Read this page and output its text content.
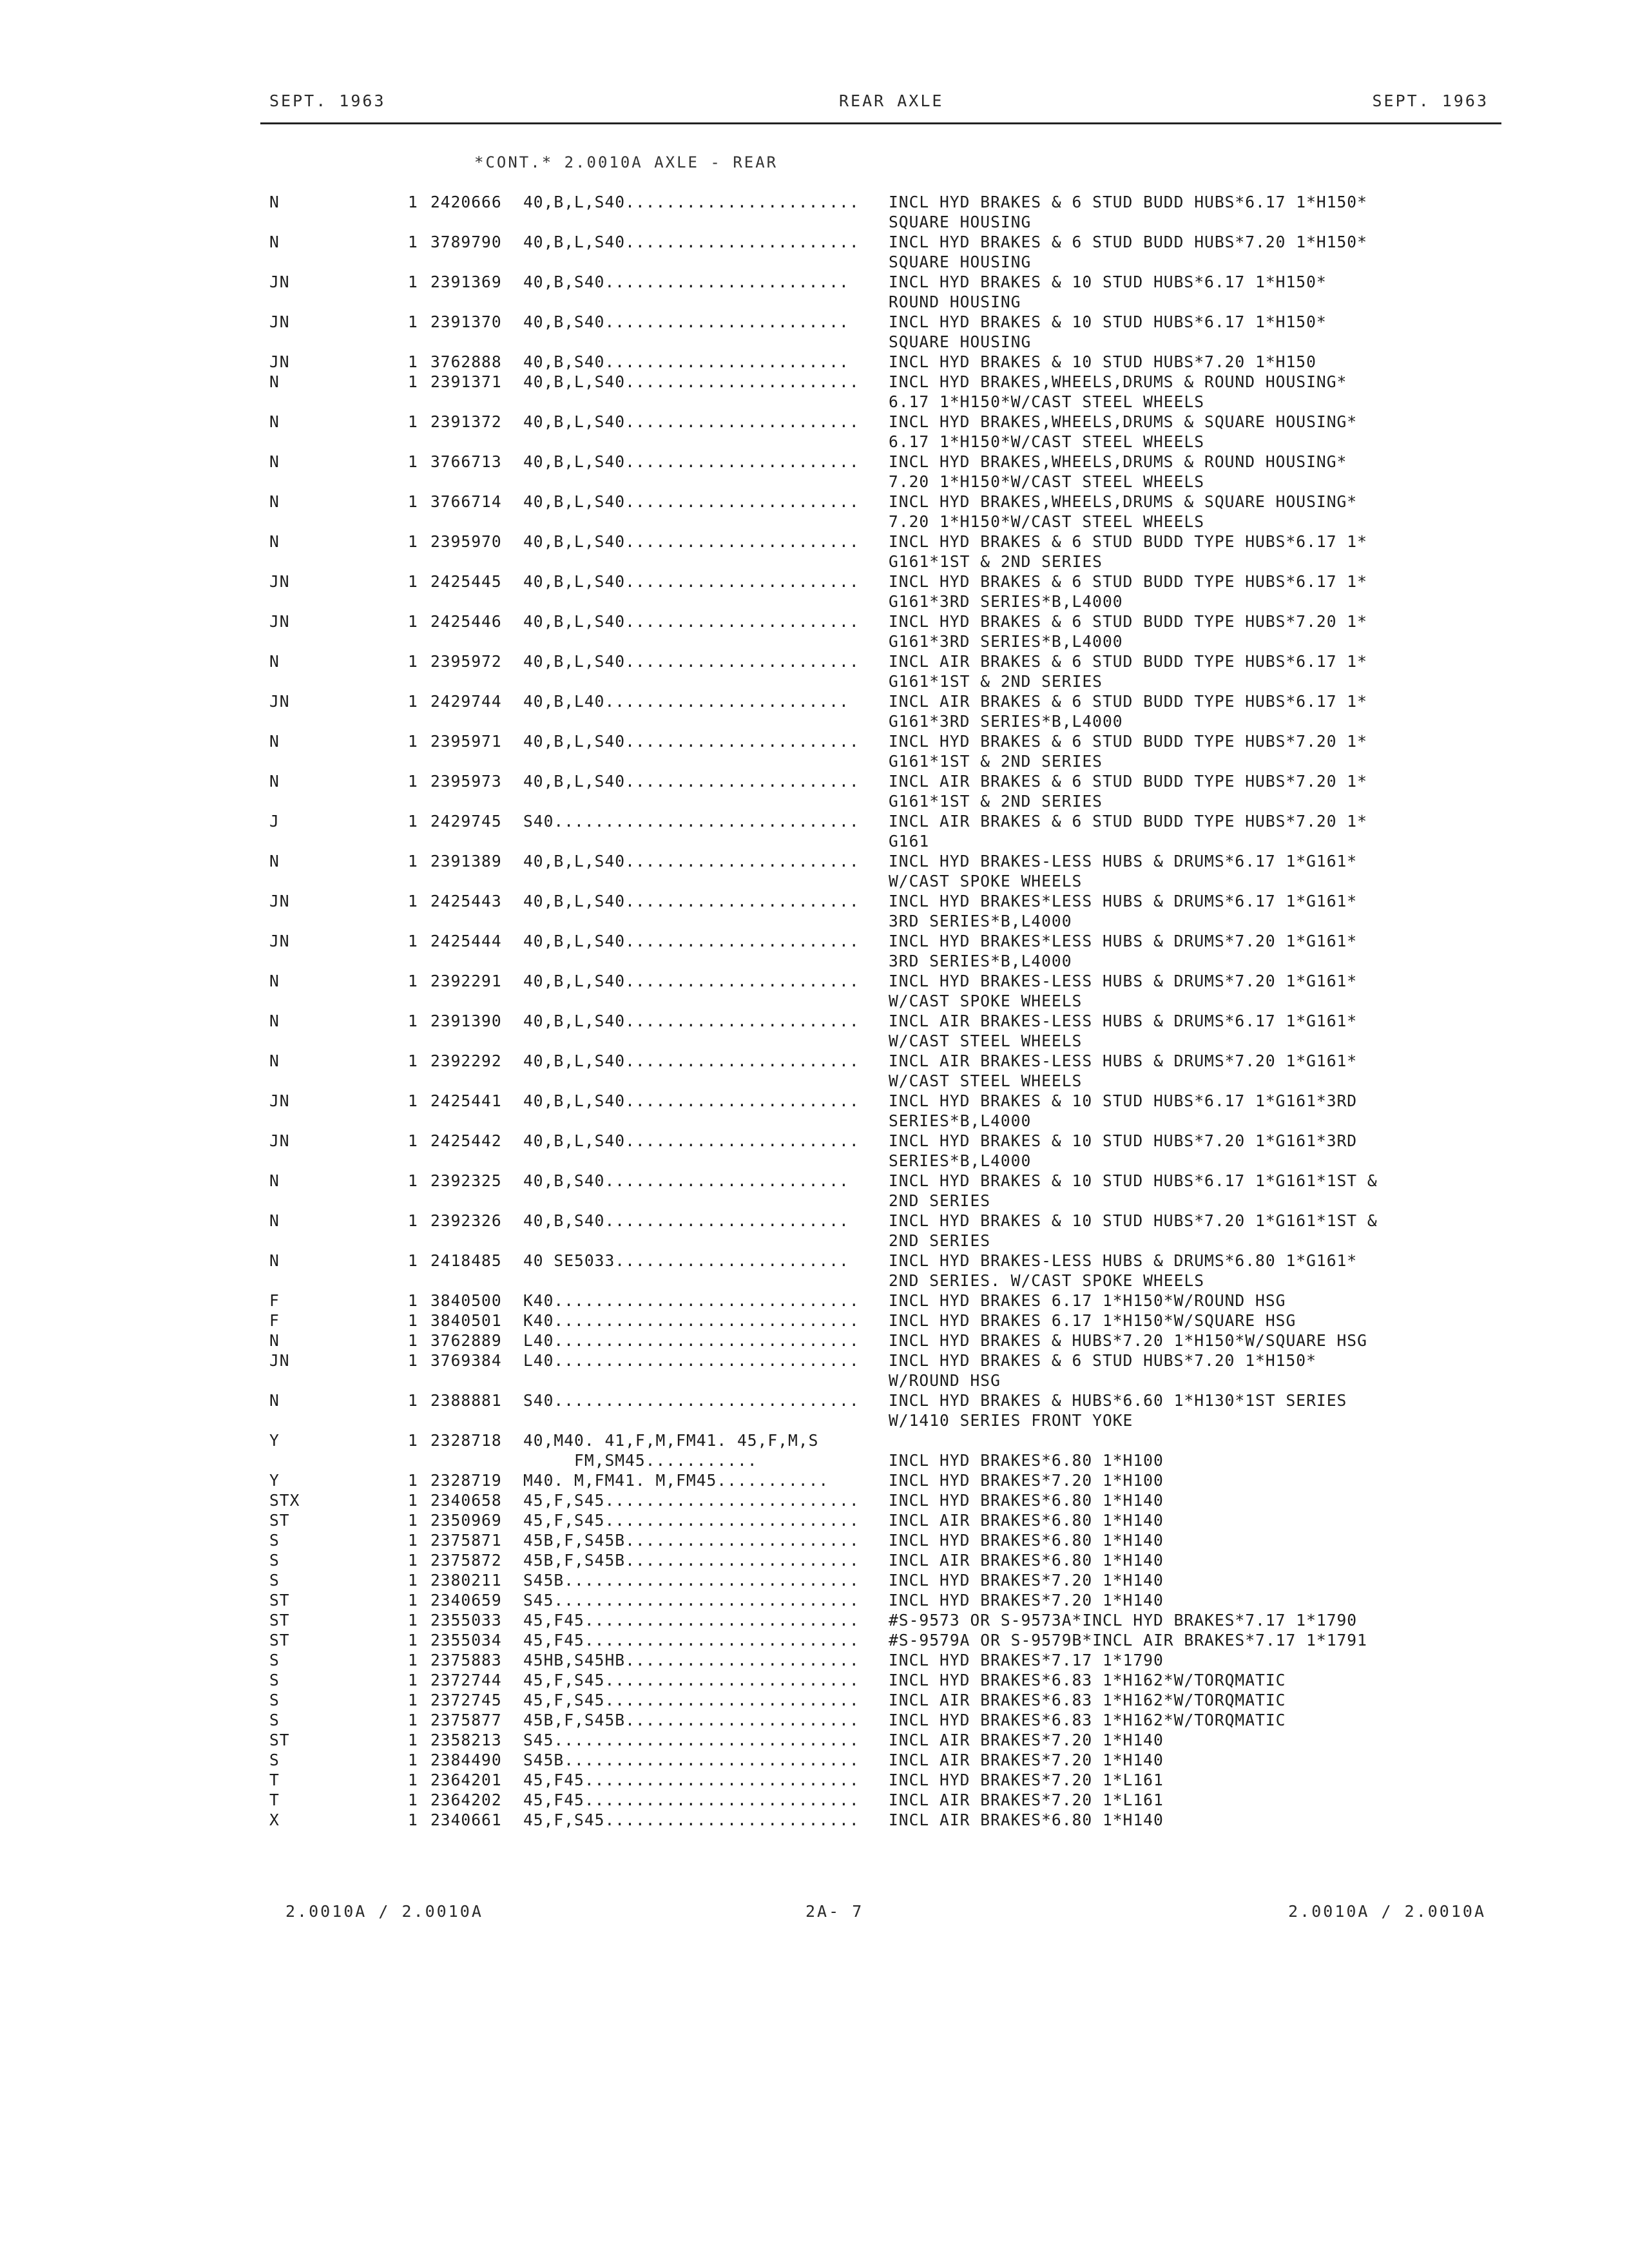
SEPT. 1963	REAR AXLE	SEPT. 1963
*CONT.* 2.0010A AXLE - REAR
N	1 2420666 40,B,L,S40....................... INCL HYD BRAKES & 6 STUD BUDD HUBS*6.17 1*H150*
SQUARE HOUSING
N	1 3789790 40,B,L,S40....................... INCL HYD BRAKES & 6 STUD BUDD HUBS*7.20 1*H150*
SQUARE HOUSING
JN	1 2391369 40,B,S40........................ INCL HYD BRAKES & 10 STUD HUBS*6.17 1*H150*
ROUND HOUSING
JN	1 2391370 40,B,S40........................ INCL HYD BRAKES & 10 STUD HUBS*6.17 1*H150*
SQUARE HOUSING
JN	1 3762888 40,B,S40........................ INCL HYD BRAKES & 10 STUD HUBS*7.20 1*H150
N	1 2391371 40,B,L,S40....................... INCL HYD BRAKES,WHEELS,DRUMS & ROUND HOUSING*
6.17 1*H150*W/CAST STEEL WHEELS
N	1 2391372 40,B,L,S40....................... INCL HYD BRAKES,WHEELS,DRUMS & SQUARE HOUSING*
6.17 1*H150*W/CAST STEEL WHEELS
N	1 3766713 40,B,L,S40....................... INCL HYD BRAKES,WHEELS,DRUMS & ROUND HOUSING*
7.20 1*H150*W/CAST STEEL WHEELS
N	1 3766714 40,B,L,S40....................... INCL HYD BRAKES,WHEELS,DRUMS & SQUARE HOUSING*
7.20 1*H150*W/CAST STEEL WHEELS
N	1 2395970 40,B,L,S40....................... INCL HYD BRAKES & 6 STUD BUDD TYPE HUBS*6.17 1*
G161*1ST & 2ND SERIES
JN	1 2425445 40,B,L,S40....................... INCL HYD BRAKES & 6 STUD BUDD TYPE HUBS*6.17 1*
G161*3RD SERIES*B,L4000
JN	1 2425446 40,B,L,S40....................... INCL HYD BRAKES & 6 STUD BUDD TYPE HUBS*7.20 1*
G161*3RD SERIES*B,L4000
N	1 2395972 40,B,L,S40....................... INCL AIR BRAKES & 6 STUD BUDD TYPE HUBS*6.17 1*
G161*1ST & 2ND SERIES
JN	1 2429744 40,B,L40........................ INCL AIR BRAKES & 6 STUD BUDD TYPE HUBS*6.17 1*
G161*3RD SERIES*B,L4000
N	1 2395971 40,B,L,S40....................... INCL HYD BRAKES & 6 STUD BUDD TYPE HUBS*7.20 1*
G161*1ST & 2ND SERIES
N	1 2395973 40,B,L,S40....................... INCL AIR BRAKES & 6 STUD BUDD TYPE HUBS*7.20 1*
G161*1ST & 2ND SERIES
J	1 2429745 S40.............................. INCL AIR BRAKES & 6 STUD BUDD TYPE HUBS*7.20 1*
G161
N	1 2391389 40,B,L,S40....................... INCL HYD BRAKES-LESS HUBS & DRUMS*6.17 1*G161*
W/CAST SPOKE WHEELS
JN	1 2425443 40,B,L,S40....................... INCL HYD BRAKES*LESS HUBS & DRUMS*6.17 1*G161*
3RD SERIES*B,L4000
JN	1 2425444 40,B,L,S40....................... INCL HYD BRAKES*LESS HUBS & DRUMS*7.20 1*G161*
3RD SERIES*B,L4000
N	1 2392291 40,B,L,S40....................... INCL HYD BRAKES-LESS HUBS & DRUMS*7.20 1*G161*
W/CAST SPOKE WHEELS
N	1 2391390 40,B,L,S40....................... INCL AIR BRAKES-LESS HUBS & DRUMS*6.17 1*G161*
W/CAST STEEL WHEELS
N	1 2392292 40,B,L,S40....................... INCL AIR BRAKES-LESS HUBS & DRUMS*7.20 1*G161*
W/CAST STEEL WHEELS
JN	1 2425441 40,B,L,S40....................... INCL HYD BRAKES & 10 STUD HUBS*6.17 1*G161*3RD
SERIES*B,L4000
JN	1 2425442 40,B,L,S40....................... INCL HYD BRAKES & 10 STUD HUBS*7.20 1*G161*3RD
SERIES*B,L4000
N	1 2392325 40,B,S40........................ INCL HYD BRAKES & 10 STUD HUBS*6.17 1*G161*1ST &
2ND SERIES
N	1 2392326 40,B,S40........................ INCL HYD BRAKES & 10 STUD HUBS*7.20 1*G161*1ST &
2ND SERIES
N	1 2418485 40 SE5033....................... INCL HYD BRAKES-LESS HUBS & DRUMS*6.80 1*G161*
2ND SERIES. W/CAST SPOKE WHEELS
F	1 3840500 K40.............................. INCL HYD BRAKES 6.17 1*H150*W/ROUND HSG
F	1 3840501 K40.............................. INCL HYD BRAKES 6.17 1*H150*W/SQUARE HSG
N	1 3762889 L40.............................. INCL HYD BRAKES & HUBS*7.20 1*H150*W/SQUARE HSG
JN	1 3769384 L40.............................. INCL HYD BRAKES & 6 STUD HUBS*7.20 1*H150*
W/ROUND HSG
N	1 2388881 S40.............................. INCL HYD BRAKES & HUBS*6.60 1*H130*1ST SERIES
W/1410 SERIES FRONT YOKE
Y	1 2328718 40,M40. 41,F,M,FM41. 45,F,M,S
FM,SM45...........	INCL HYD BRAKES*6.80 1*H100
Y	1 2328719 M40. M,FM41. M,FM45...........	INCL HYD BRAKES*7.20 1*H100
STX	1 2340658 45,F,S45......................... INCL HYD BRAKES*6.80 1*H140
ST	1 2350969 45,F,S45......................... INCL AIR BRAKES*6.80 1*H140
S	1 2375871 45B,F,S45B....................... INCL HYD BRAKES*6.80 1*H140
S	1 2375872 45B,F,S45B....................... INCL AIR BRAKES*6.80 1*H140
S	1 2380211 S45B............................. INCL HYD BRAKES*7.20 1*H140
ST	1 2340659 S45.............................. INCL HYD BRAKES*7.20 1*H140
ST	1 2355033 45,F45........................... #S-9573 OR S-9573A*INCL HYD BRAKES*7.17 1*1790
ST	1 2355034 45,F45........................... #S-9579A OR S-9579B*INCL AIR BRAKES*7.17 1*1791
S	1 2375883 45HB,S45HB....................... INCL HYD BRAKES*7.17 1*1790
S	1 2372744 45,F,S45......................... INCL HYD BRAKES*6.83 1*H162*W/TORQMATIC
S	1 2372745 45,F,S45......................... INCL AIR BRAKES*6.83 1*H162*W/TORQMATIC
S	1 2375877 45B,F,S45B....................... INCL HYD BRAKES*6.83 1*H162*W/TORQMATIC
ST	1 2358213 S45.............................. INCL AIR BRAKES*7.20 1*H140
S	1 2384490 S45B............................. INCL AIR BRAKES*7.20 1*H140
T	1 2364201 45,F45........................... INCL HYD BRAKES*7.20 1*L161
T	1 2364202 45,F45........................... INCL AIR BRAKES*7.20 1*L161
X	1 2340661 45,F,S45......................... INCL AIR BRAKES*6.80 1*H140
2.0010A / 2.0010A	2A- 7	2.0010A / 2.0010A
